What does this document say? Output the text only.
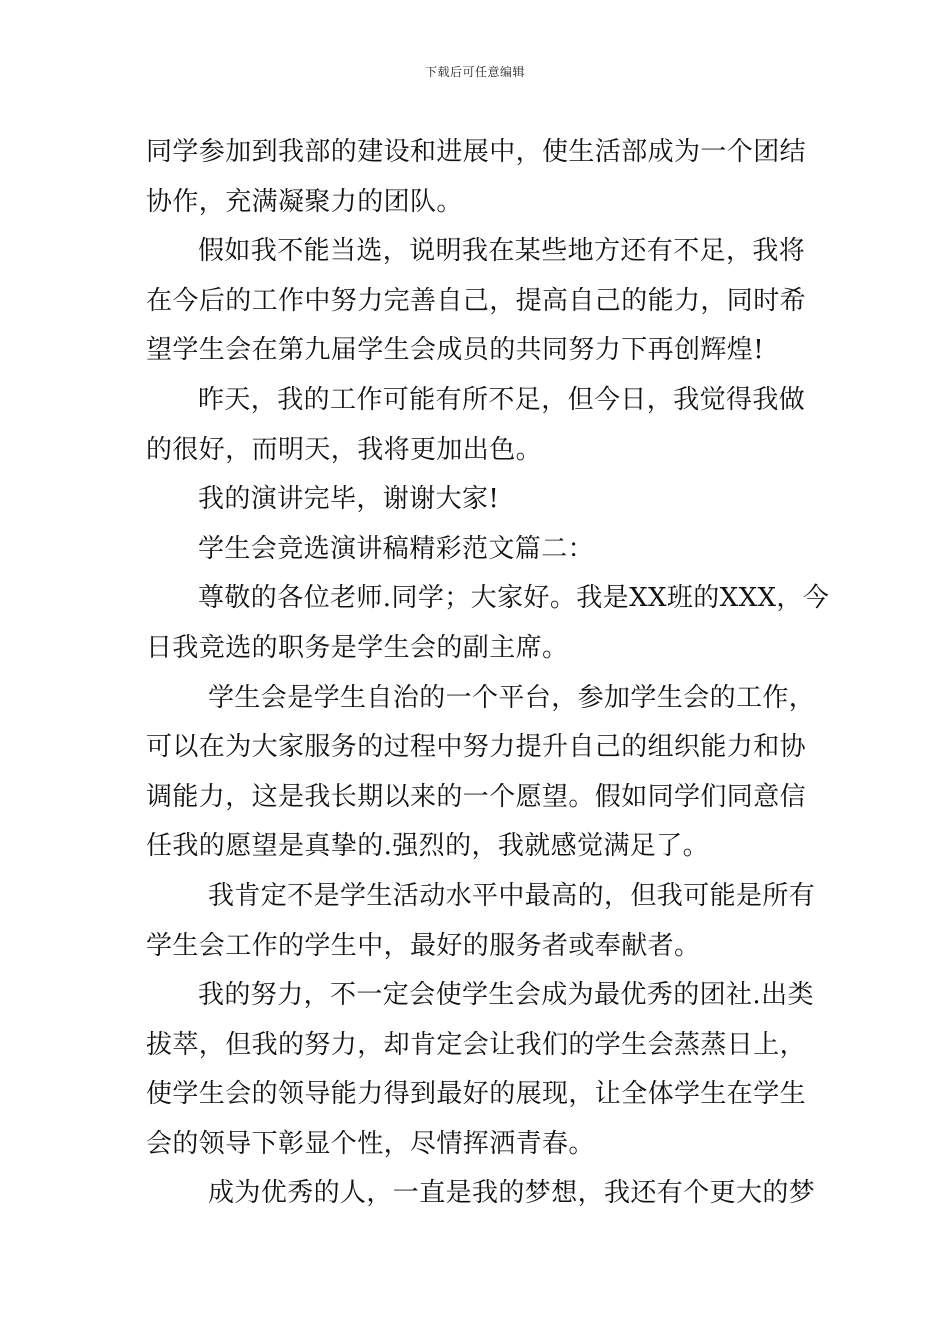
下载后可任意编辑
同学参加到我部的建设和进展中，使生活部成为一个团结
协作，充满凝聚力的团队。
假如我不能当选，说明我在某些地方还有不足，我将
在今后的工作中努力完善自己，提高自己的能力，同时希
望学生会在第九届学生会成员的共同努力下再创辉煌!
昨天，我的工作可能有所不足，但今日，我觉得我做
的很好，而明天，我将更加出色。
我的演讲完毕，谢谢大家!
学生会竞选演讲稿精彩范文篇二：
尊敬的各位老师.同学；大家好。我是XX班的XXX，今
日我竞选的职务是学生会的副主席。
学生会是学生自治的一个平台，参加学生会的工作，
可以在为大家服务的过程中努力提升自己的组织能力和协
调能力，这是我长期以来的一个愿望。假如同学们同意信
任我的愿望是真挚的.强烈的，我就感觉满足了。
我肯定不是学生活动水平中最高的，但我可能是所有
学生会工作的学生中，最好的服务者或奉献者。
我的努力，不一定会使学生会成为最优秀的团社.出类
拔萃，但我的努力，却肯定会让我们的学生会蒸蒸日上，
使学生会的领导能力得到最好的展现，让全体学生在学生
会的领导下彰显个性，尽情挥洒青春。
成为优秀的人，一直是我的梦想，我还有个更大的梦
